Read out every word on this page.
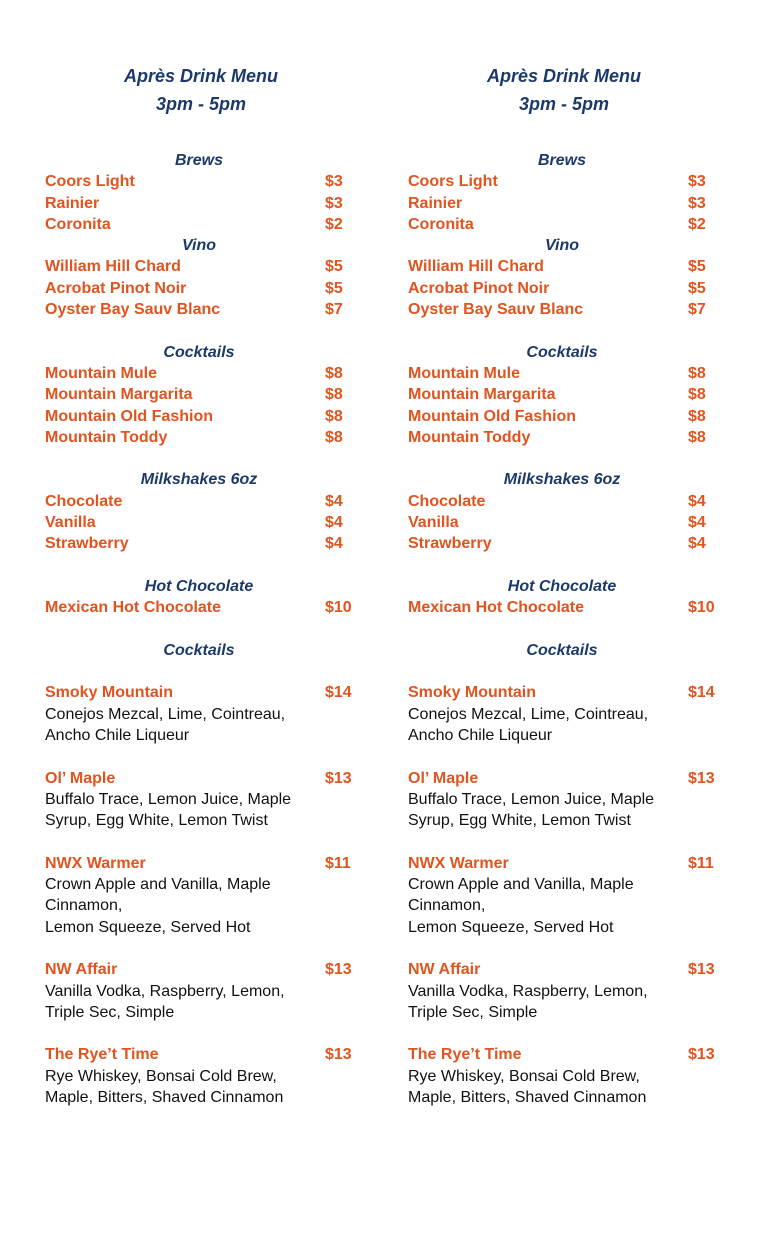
Après Drink Menu
3pm - 5pm
Brews
Coors Light	$3
Rainier	$3
Coronita	$2
Vino
William Hill Chard	$5
Acrobat Pinot Noir	$5
Oyster Bay Sauv Blanc	$7
Cocktails
Mountain Mule	$8
Mountain Margarita	$8
Mountain Old Fashion	$8
Mountain Toddy	$8
Milkshakes 6oz
Chocolate	$4
Vanilla	$4
Strawberry	$4
Hot Chocolate
Mexican Hot Chocolate	$10
Cocktails
Smoky Mountain	$14
Conejos Mezcal, Lime, Cointreau,
Ancho Chile Liqueur
Ol’ Maple	$13
Buffalo Trace, Lemon Juice, Maple
Syrup, Egg White, Lemon Twist
NWX Warmer	$11
Crown Apple and Vanilla, Maple
Cinnamon,
Lemon Squeeze, Served Hot
NW Affair	$13
Vanilla Vodka, Raspberry, Lemon,
Triple Sec, Simple
The Rye’t Time	$13
Rye Whiskey, Bonsai Cold Brew,
Maple, Bitters, Shaved Cinnamon
Après Drink Menu
3pm - 5pm
Brews
Coors Light	$3
Rainier	$3
Coronita	$2
Vino
William Hill Chard	$5
Acrobat Pinot Noir	$5
Oyster Bay Sauv Blanc	$7
Cocktails
Mountain Mule	$8
Mountain Margarita	$8
Mountain Old Fashion	$8
Mountain Toddy	$8
Milkshakes 6oz
Chocolate	$4
Vanilla	$4
Strawberry	$4
Hot Chocolate
Mexican Hot Chocolate	$10
Cocktails
Smoky Mountain	$14
Conejos Mezcal, Lime, Cointreau,
Ancho Chile Liqueur
Ol’ Maple	$13
Buffalo Trace, Lemon Juice, Maple
Syrup, Egg White, Lemon Twist
NWX Warmer	$11
Crown Apple and Vanilla, Maple
Cinnamon,
Lemon Squeeze, Served Hot
NW Affair	$13
Vanilla Vodka, Raspberry, Lemon,
Triple Sec, Simple
The Rye’t Time	$13
Rye Whiskey, Bonsai Cold Brew,
Maple, Bitters, Shaved Cinnamon
